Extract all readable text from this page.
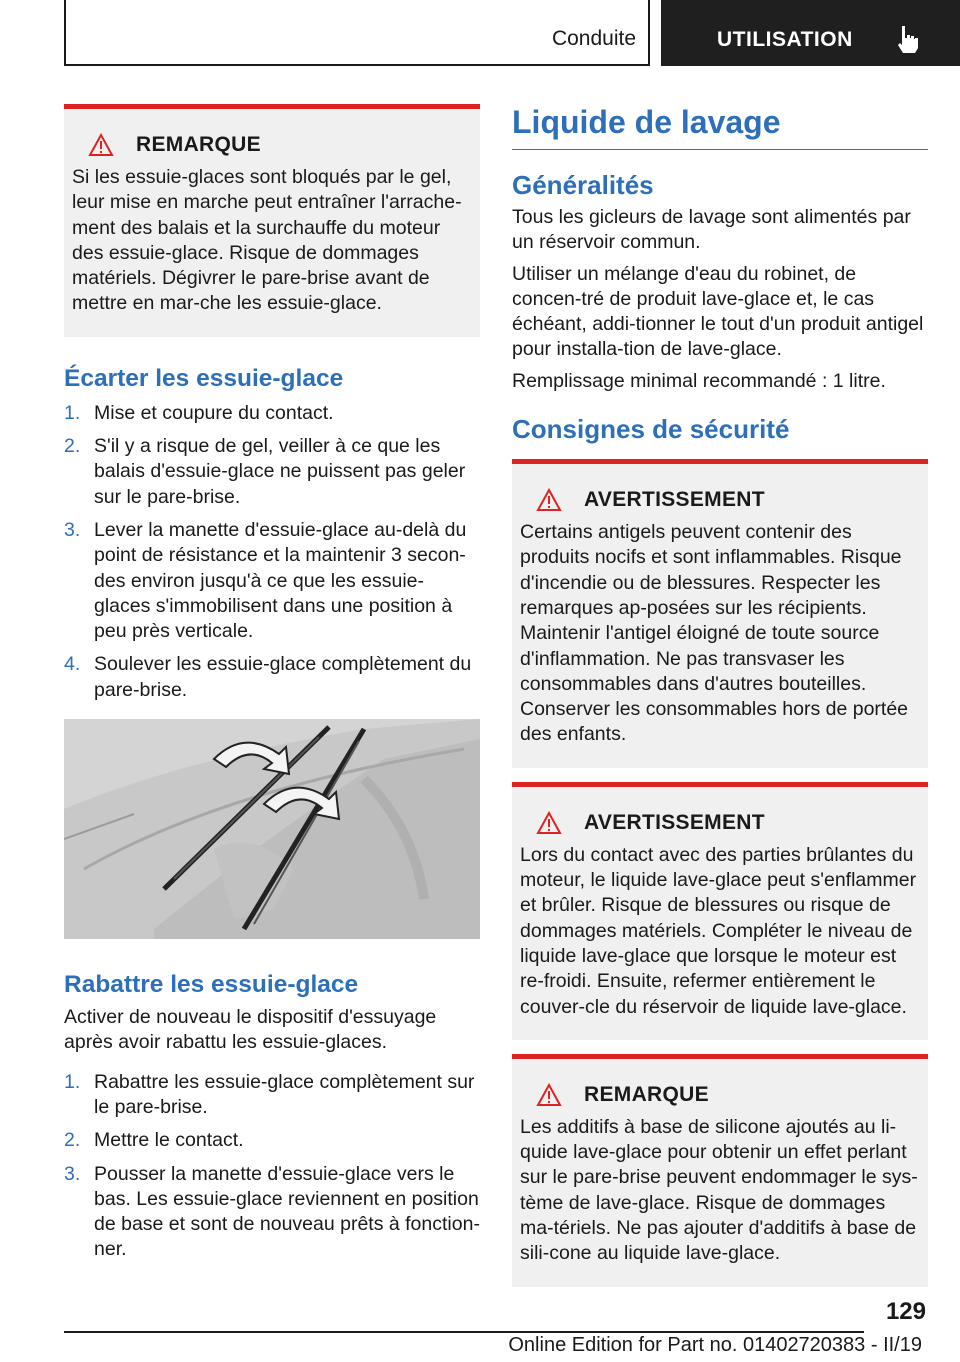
Conduite	UTILISATION
REMARQUE

Si les essuie-glaces sont bloqués par le gel, leur mise en marche peut entraîner l'arrache-ment des balais et la surchauffe du moteur des essuie-glace. Risque de dommages matériels. Dégivrer le pare-brise avant de mettre en mar-che les essuie-glace.

Écarter les essuie-glace
1. Mise et coupure du contact.
2. S'il y a risque de gel, veiller à ce que les balais d'essuie-glace ne puissent pas geler sur le pare-brise.
3. Lever la manette d'essuie-glace au-delà du point de résistance et la maintenir 3 secon-des environ jusqu'à ce que les essuie-glaces s'immobilisent dans une position à peu près verticale.
4. Soulever les essuie-glace complètement du pare-brise.
Rabattre les essuie-glace

Activer de nouveau le dispositif d'essuyage après avoir rabattu les essuie-glaces.

1. Rabattre les essuie-glace complètement sur le pare-brise.
2. Mettre le contact.
3. Pousser la manette d'essuie-glace vers le bas. Les essuie-glace reviennent en position de base et sont de nouveau prêts à fonction-ner.
Liquide de lavage
Généralités

Tous les gicleurs de lavage sont alimentés par un réservoir commun.

Utiliser un mélange d'eau du robinet, de concen-tré de produit lave-glace et, le cas échéant, addi-tionner le tout d'un produit antigel pour installa-tion de lave-glace.

Remplissage minimal recommandé : 1 litre.

Consignes de sécurité
AVERTISSEMENT

Certains antigels peuvent contenir des produits nocifs et sont inflammables. Risque d'incendie ou de blessures. Respecter les remarques ap-posées sur les récipients. Maintenir l'antigel éloigné de toute source d'inflammation. Ne pas transvaser les consommables dans d'autres bouteilles. Conserver les consommables hors de portée des enfants.

AVERTISSEMENT

Lors du contact avec des parties brûlantes du moteur, le liquide lave-glace peut s'enflammer et brûler. Risque de blessures ou risque de dommages matériels. Compléter le niveau de liquide lave-glace que lorsque le moteur est re-froidi. Ensuite, refermer entièrement le couver-cle du réservoir de liquide lave-glace.

REMARQUE

Les additifs à base de silicone ajoutés au li-quide lave-glace pour obtenir un effet perlant sur le pare-brise peuvent endommager le sys-tème de lave-glace. Risque de dommages ma-tériels. Ne pas ajouter d'additifs à base de sili-cone au liquide lave-glace.

129
Online Edition for Part no. 01402720383 - II/19
